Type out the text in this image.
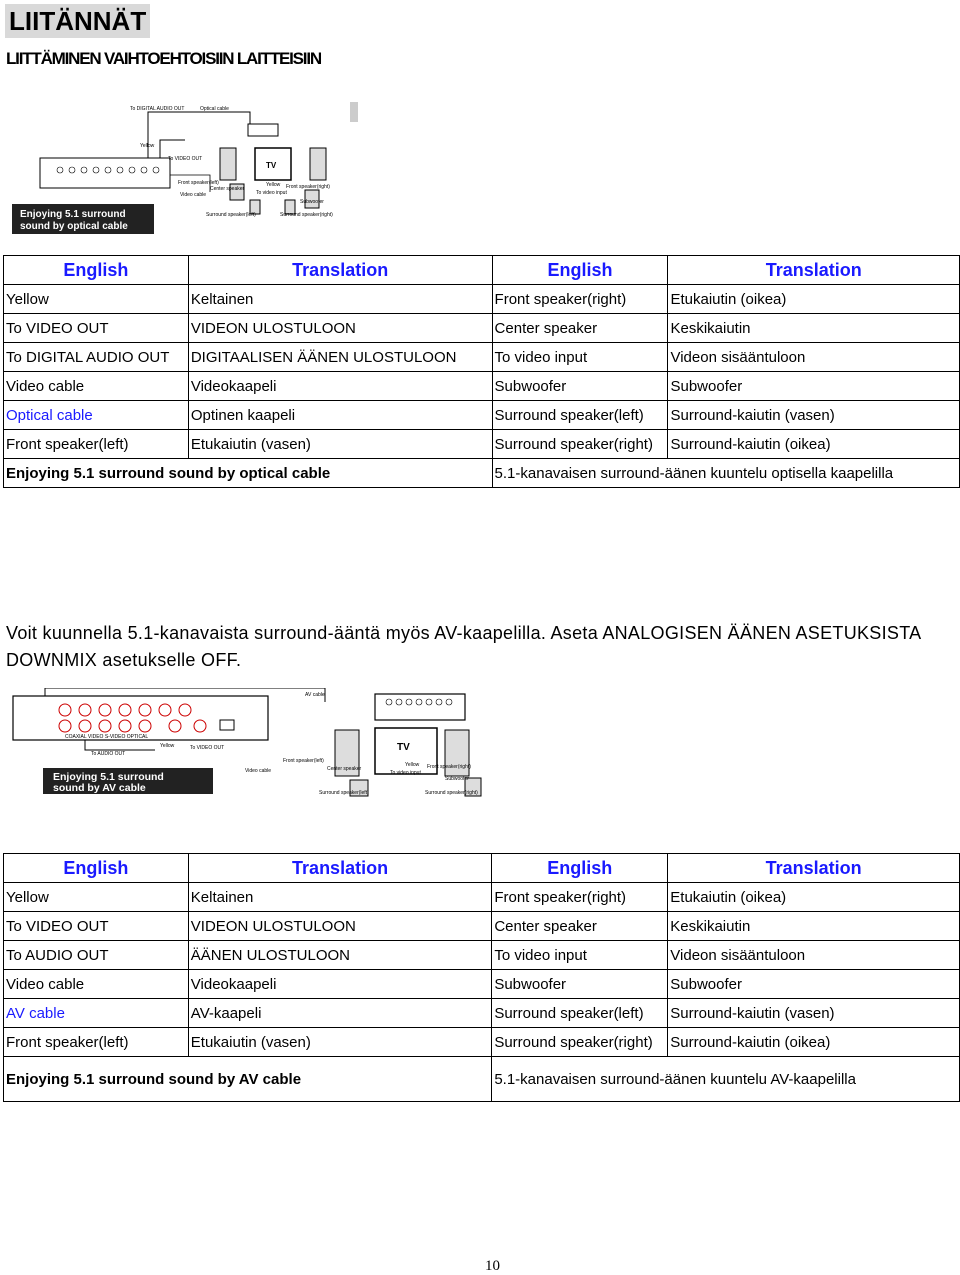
LIITÄNNÄT
LIITTÄMINEN VAIHTOEHTOISIIN LAITTEISIIN
TV
To DIGITAL AUDIO OUT	Optical cable
Yellow
To VIDEO OUT
Front speaker(left)
Center speaker
Video cable
Yellow
To video input
Front speaker(right)
Subwoofer
Surround speaker(left)	Surround speaker(right)
Enjoying 5.1 surround
sound by optical cable
English	Translation	English	Translation
Yellow	Keltainen	Front speaker(right)	Etukaiutin (oikea)
To VIDEO OUT	VIDEON ULOSTULOON	Center speaker	Keskikaiutin
To DIGITAL AUDIO OUT	DIGITAALISEN ÄÄNEN ULOSTULOON	To video input	Videon sisääntuloon
Video cable	Videokaapeli	Subwoofer	Subwoofer
Optical cable	Optinen kaapeli	Surround speaker(left)	Surround-kaiutin (vasen)
Front speaker(left)	Etukaiutin (vasen)	Surround speaker(right)	Surround-kaiutin (oikea)
Enjoying 5.1 surround sound by optical cable		5.1-kanavaisen surround-äänen kuuntelu optisella kaapelilla	
Voit kuunnella 5.1-kanavaista surround-ääntä myös AV-kaapelilla. Aseta ANALOGISEN ÄÄNEN ASETUKSISTA DOWNMIX asetukselle OFF.
TV
COAXIAL VIDEO S-VIDEO OPTICAL
AV cable
To AUDIO OUT
Yellow	To VIDEO OUT
Video cable
Front speaker(left)
Center speaker
Yellow
To video input
Front speaker(right)
Subwoofer
Surround speaker(left)	Surround speaker(right)
Enjoying 5.1 surround
sound by AV cable
English	Translation	English	Translation
Yellow	Keltainen	Front speaker(right)	Etukaiutin (oikea)
To VIDEO OUT	VIDEON ULOSTULOON	Center speaker	Keskikaiutin
To AUDIO OUT	ÄÄNEN ULOSTULOON	To video input	Videon sisääntuloon
Video cable	Videokaapeli	Subwoofer	Subwoofer
AV cable	AV-kaapeli	Surround speaker(left)	Surround-kaiutin (vasen)
Front speaker(left)	Etukaiutin (vasen)	Surround speaker(right)	Surround-kaiutin (oikea)
Enjoying 5.1 surround sound by AV cable		5.1-kanavaisen surround-äänen kuuntelu AV-kaapelilla	
10
